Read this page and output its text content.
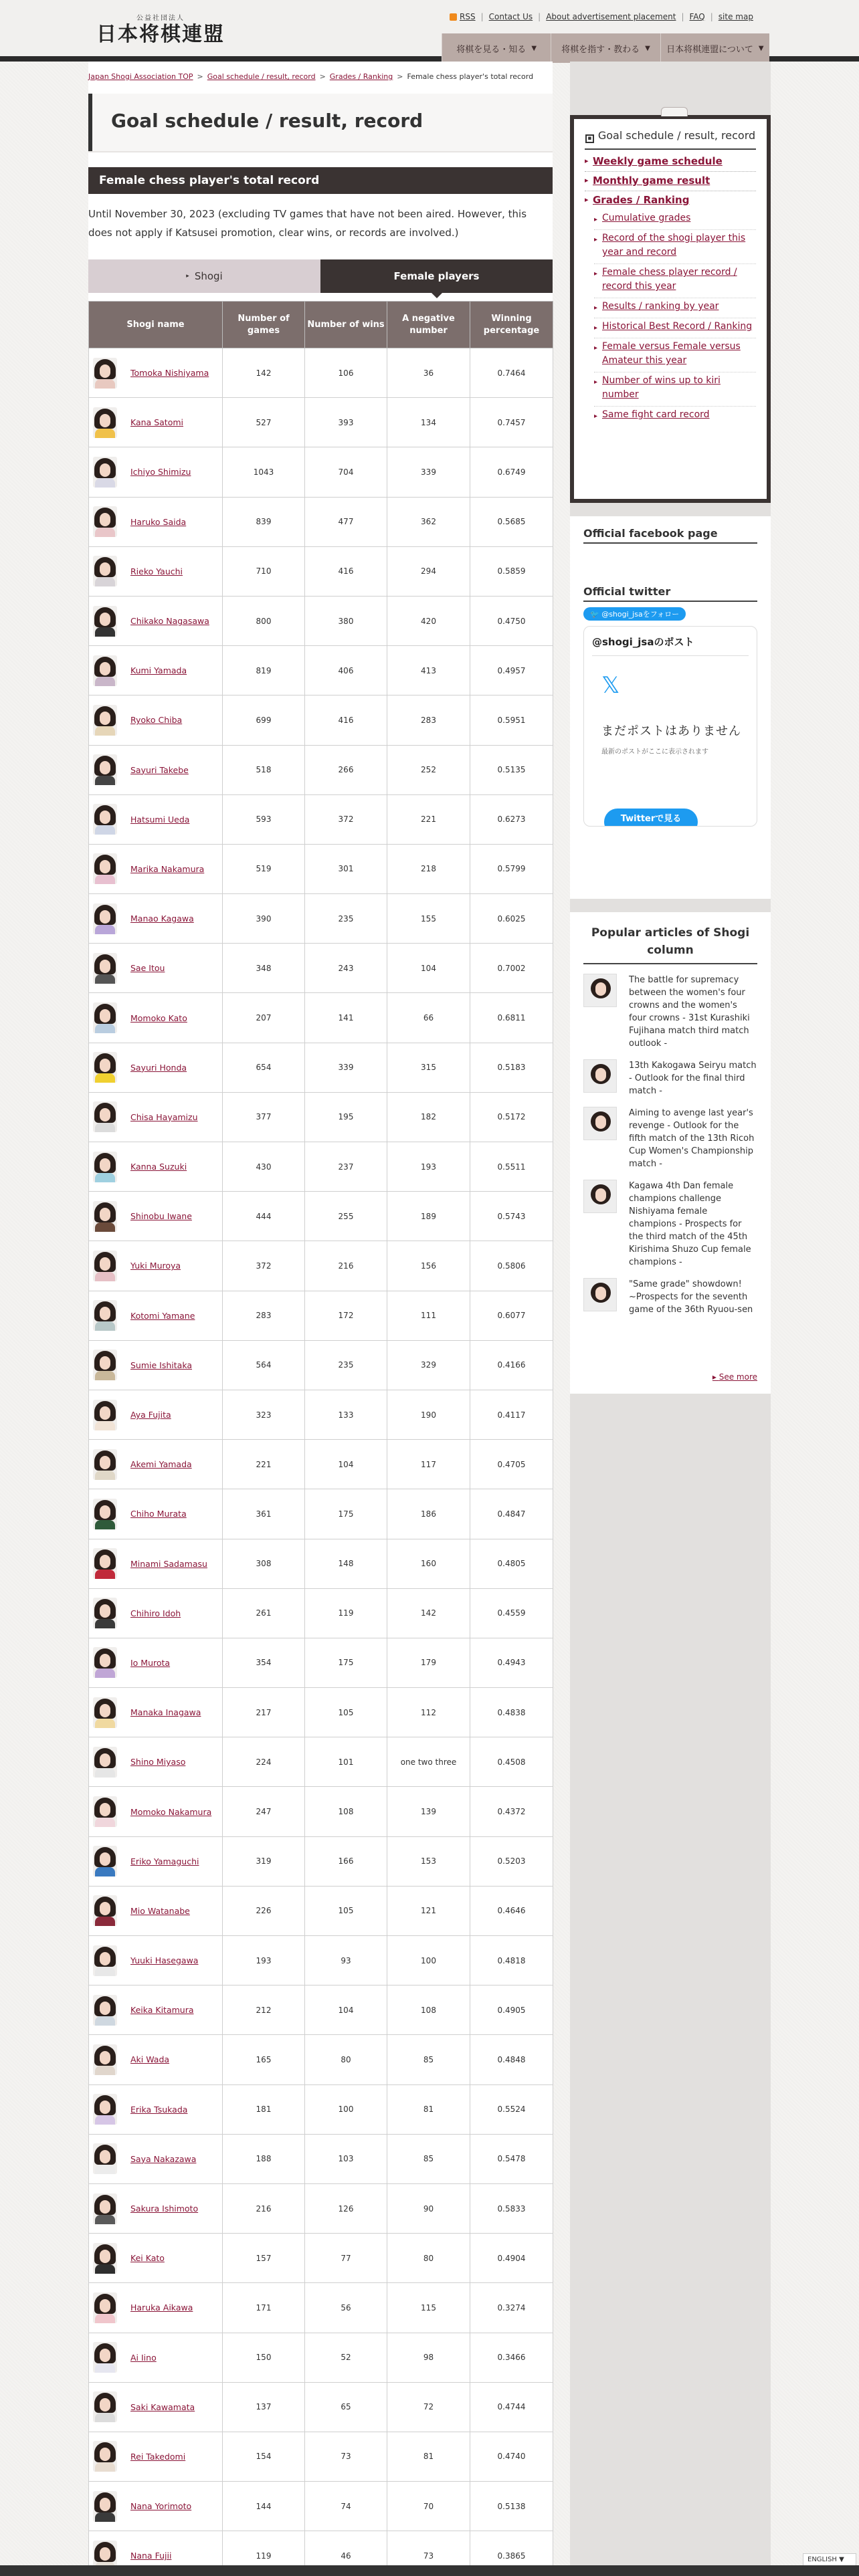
公益社団法人
日本将棋連盟
RSS | Contact Us | About advertisement placement | FAQ | site map
将棋を見る・知る ▼	将棋を指す・教わる ▼ 日本将棋連盟について ▼
Japan Shogi Association TOP > Goal schedule / result, record > Grades / Ranking > Female chess player's total record
Goal schedule / result, record
Female chess player's total record

Until November 30, 2023 (excluding TV games that have not been aired. However, this does not apply if Katsusei promotion, clear wins, or records are involved.)

▸ Shogi	Female players
Shogi name	Number of games	Number of wins	A negative number	Winning percentage

Tomoka Nishiyama	142	106	36	0.7464

Kana Satomi	527	393	134	0.7457

Ichiyo Shimizu	1043	704	339	0.6749

Haruko Saida	839	477	362	0.5685

Rieko Yauchi	710	416	294	0.5859

Chikako Nagasawa	800	380	420	0.4750

Kumi Yamada	819	406	413	0.4957

Ryoko Chiba	699	416	283	0.5951

Sayuri Takebe	518	266	252	0.5135

Hatsumi Ueda	593	372	221	0.6273

Marika Nakamura	519	301	218	0.5799

Manao Kagawa	390	235	155	0.6025

Sae Itou	348	243	104	0.7002

Momoko Kato	207	141	66	0.6811

Sayuri Honda	654	339	315	0.5183

Chisa Hayamizu	377	195	182	0.5172

Kanna Suzuki	430	237	193	0.5511

Shinobu Iwane	444	255	189	0.5743

Yuki Muroya	372	216	156	0.5806

Kotomi Yamane	283	172	111	0.6077

Sumie Ishitaka	564	235	329	0.4166

Aya Fujita	323	133	190	0.4117

Akemi Yamada	221	104	117	0.4705

Chiho Murata	361	175	186	0.4847

Minami Sadamasu	308	148	160	0.4805

Chihiro Idoh	261	119	142	0.4559

Io Murota	354	175	179	0.4943

Manaka Inagawa	217	105	112	0.4838

Shino Miyaso	224	101	one two three	0.4508

Momoko Nakamura	247	108	139	0.4372

Eriko Yamaguchi	319	166	153	0.5203

Mio Watanabe	226	105	121	0.4646

Yuuki Hasegawa	193	93	100	0.4818

Keika Kitamura	212	104	108	0.4905

Aki Wada	165	80	85	0.4848

Erika Tsukada	181	100	81	0.5524

Saya Nakazawa	188	103	85	0.5478

Sakura Ishimoto	216	126	90	0.5833

Kei Kato	157	77	80	0.4904

Haruka Aikawa	171	56	115	0.3274

Ai Iino	150	52	98	0.3466

Saki Kawamata	137	65	72	0.4744

Rei Takedomi	154	73	81	0.4740

Nana Yorimoto	144	74	70	0.5138

Nana Fujii	119	46	73	0.3865
▪ Goal schedule / result, record
▸ Weekly game schedule
▸ Monthly game result
▸ Grades / Ranking
▸ Cumulative grades
▸ Record of the shogi player this year and record
▸ Female chess player record / record this year
▸ Results / ranking by year
▸ Historical Best Record / Ranking
▸ Female versus Female versus Amateur this year
▸ Number of wins up to kiri number
▸ Same fight card record
Official facebook page
Official twitter
🐦 @shogi_jsaをフォロー
@shogi_jsaのポスト
𝕏
まだポストはありません
最新のポストがここに表示されます
Twitterで見る
Popular articles of Shogi column
The battle for supremacy between the women's four crowns and the women's four crowns - 31st Kurashiki Fujihana match third match outlook -
13th Kakogawa Seiryu match - Outlook for the final third match -
Aiming to avenge last year's revenge - Outlook for the fifth match of the 13th Ricoh Cup Women's Championship match -
Kagawa 4th Dan female champions challenge Nishiyama female champions - Prospects for the third match of the 45th Kirishima Shuzo Cup female champions -
"Same grade" showdown! ~Prospects for the seventh game of the 36th Ryuou-sen
▸ See more
ENGLISH ▼
